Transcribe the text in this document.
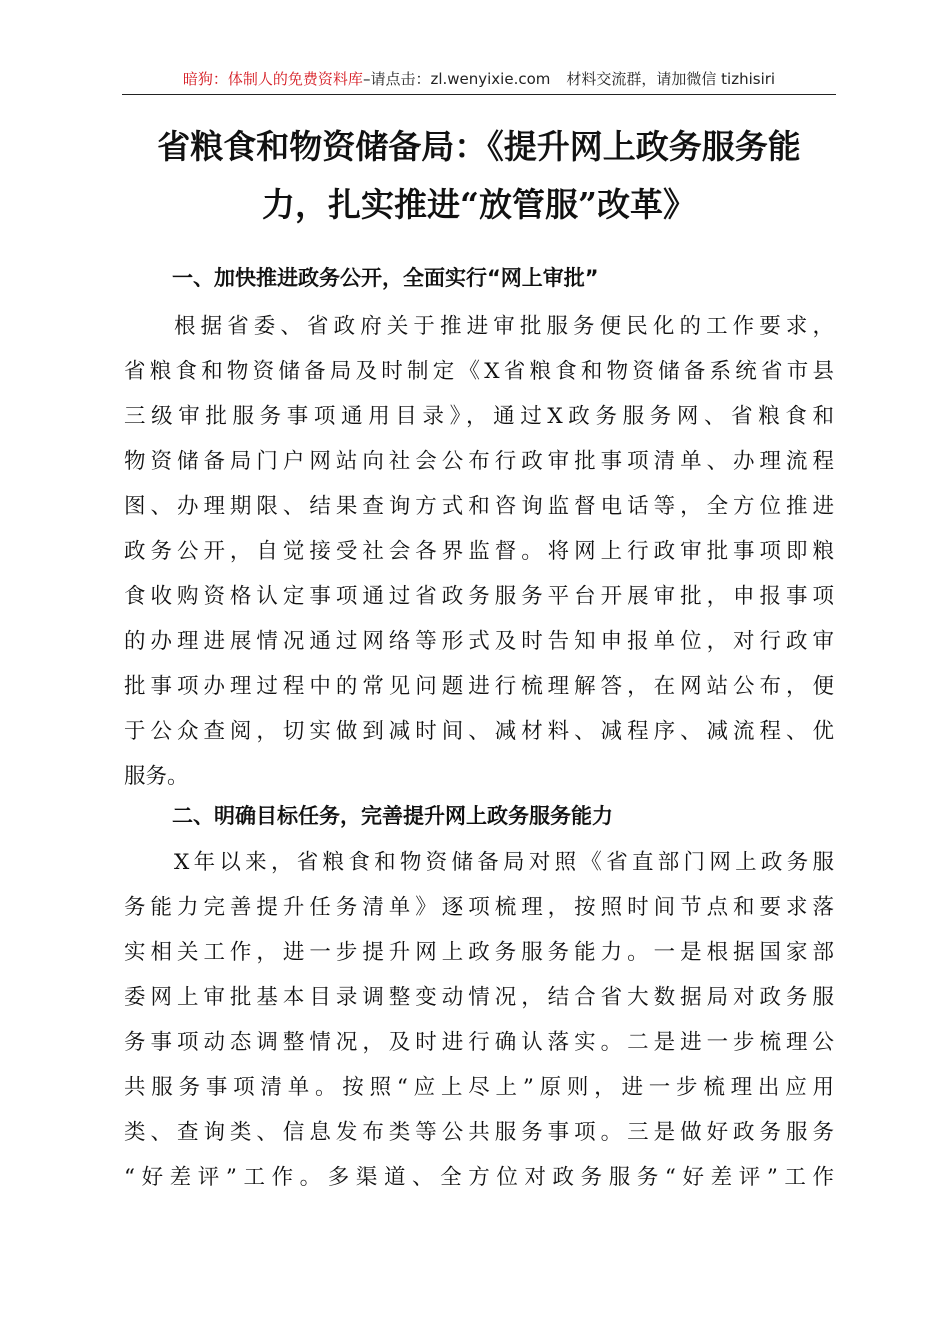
暗狗：体制人的免费资料库–请点击：zl.wenyixie.com 材料交流群，请加微信 tizhisiri
省粮食和物资储备局：《提升网上政务服务能
力，扎实推进“放管服”改革》
一、加快推进政务公开，全面实行“网上审批”
根据省委、省政府关于推进审批服务便民化的工作要求，
省粮食和物资储备局及时制定《X省粮食和物资储备系统省市县
三级审批服务事项通用目录》，通过X政务服务网、省粮食和
物资储备局门户网站向社会公布行政审批事项清单、办理流程
图、办理期限、结果查询方式和咨询监督电话等，全方位推进
政务公开，自觉接受社会各界监督。将网上行政审批事项即粮
食收购资格认定事项通过省政务服务平台开展审批，申报事项
的办理进展情况通过网络等形式及时告知申报单位，对行政审
批事项办理过程中的常见问题进行梳理解答，在网站公布，便
于公众查阅，切实做到减时间、减材料、减程序、减流程、优
服务。
二、明确目标任务，完善提升网上政务服务能力
X年以来，省粮食和物资储备局对照《省直部门网上政务服
务能力完善提升任务清单》逐项梳理，按照时间节点和要求落
实相关工作，进一步提升网上政务服务能力。一是根据国家部
委网上审批基本目录调整变动情况，结合省大数据局对政务服
务事项动态调整情况，及时进行确认落实。二是进一步梳理公
共服务事项清单。按照“应上尽上”原则，进一步梳理出应用
类、查询类、信息发布类等公共服务事项。三是做好政务服务
“好差评”工作。多渠道、全方位对政务服务“好差评”工作
